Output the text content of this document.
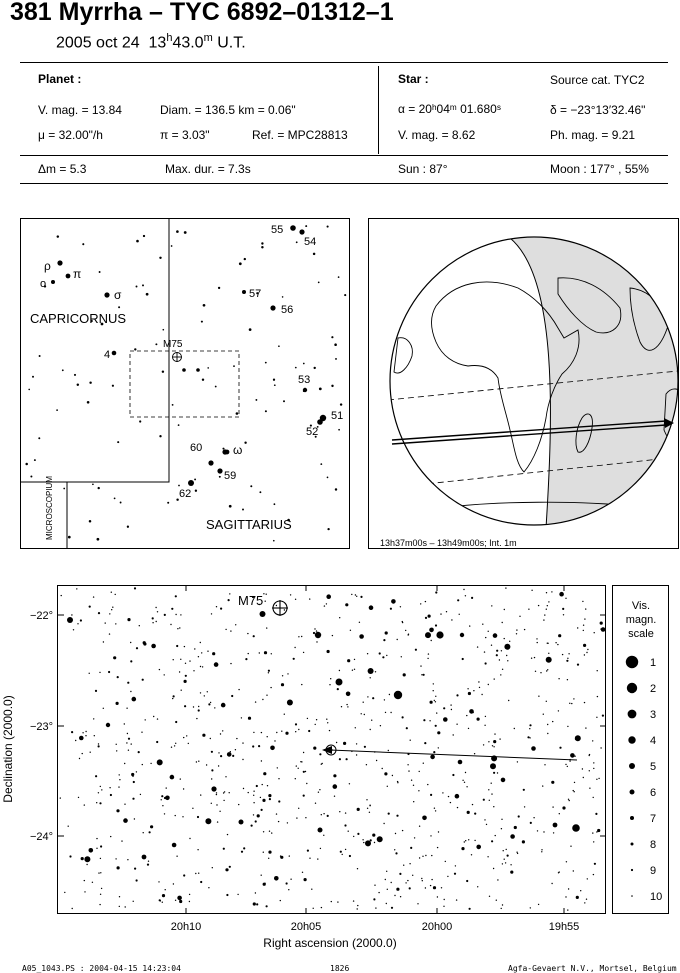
381 Myrrha – TYC 6892–01312–1
2005 oct 24 13$^h$43.0$^m$ U.T.
Planet :
V. mag. = 13.84	Diam. = 136.5 km = 0.06"
μ = 32.00"/h	π = 3.03"	Ref. = MPC28813
Star :	Source cat. TYC2
α = 20ʰ04ᵐ 01.680ˢ	δ = −23°13′32.46"
V. mag. = 8.62	Ph. mag. = 9.21
Δm = 5.3	Max. dur. = 7.3s	Sun : 87°	Moon : 177° , 55%
CAPRICORNUS
SAGITTARIUS
MICROSCOPIUM
M75
ρ
π
o
σ
4
55
54
57
56
53
51
52
60	ω
59
62
13h37m00s – 13h49m00s; Int. 1m
M75
20h10	20h05	20h00	19h55
Right ascension (2000.0)
−22°
−23°
−24°
Declination (2000.0)
Vis.
magn.
scale
1
2
3
4
5
6
7
8
9
10
A05_1043.PS : 2004-04-15 14:23:04	1826	Agfa-Gevaert N.V., Mortsel, Belgium
